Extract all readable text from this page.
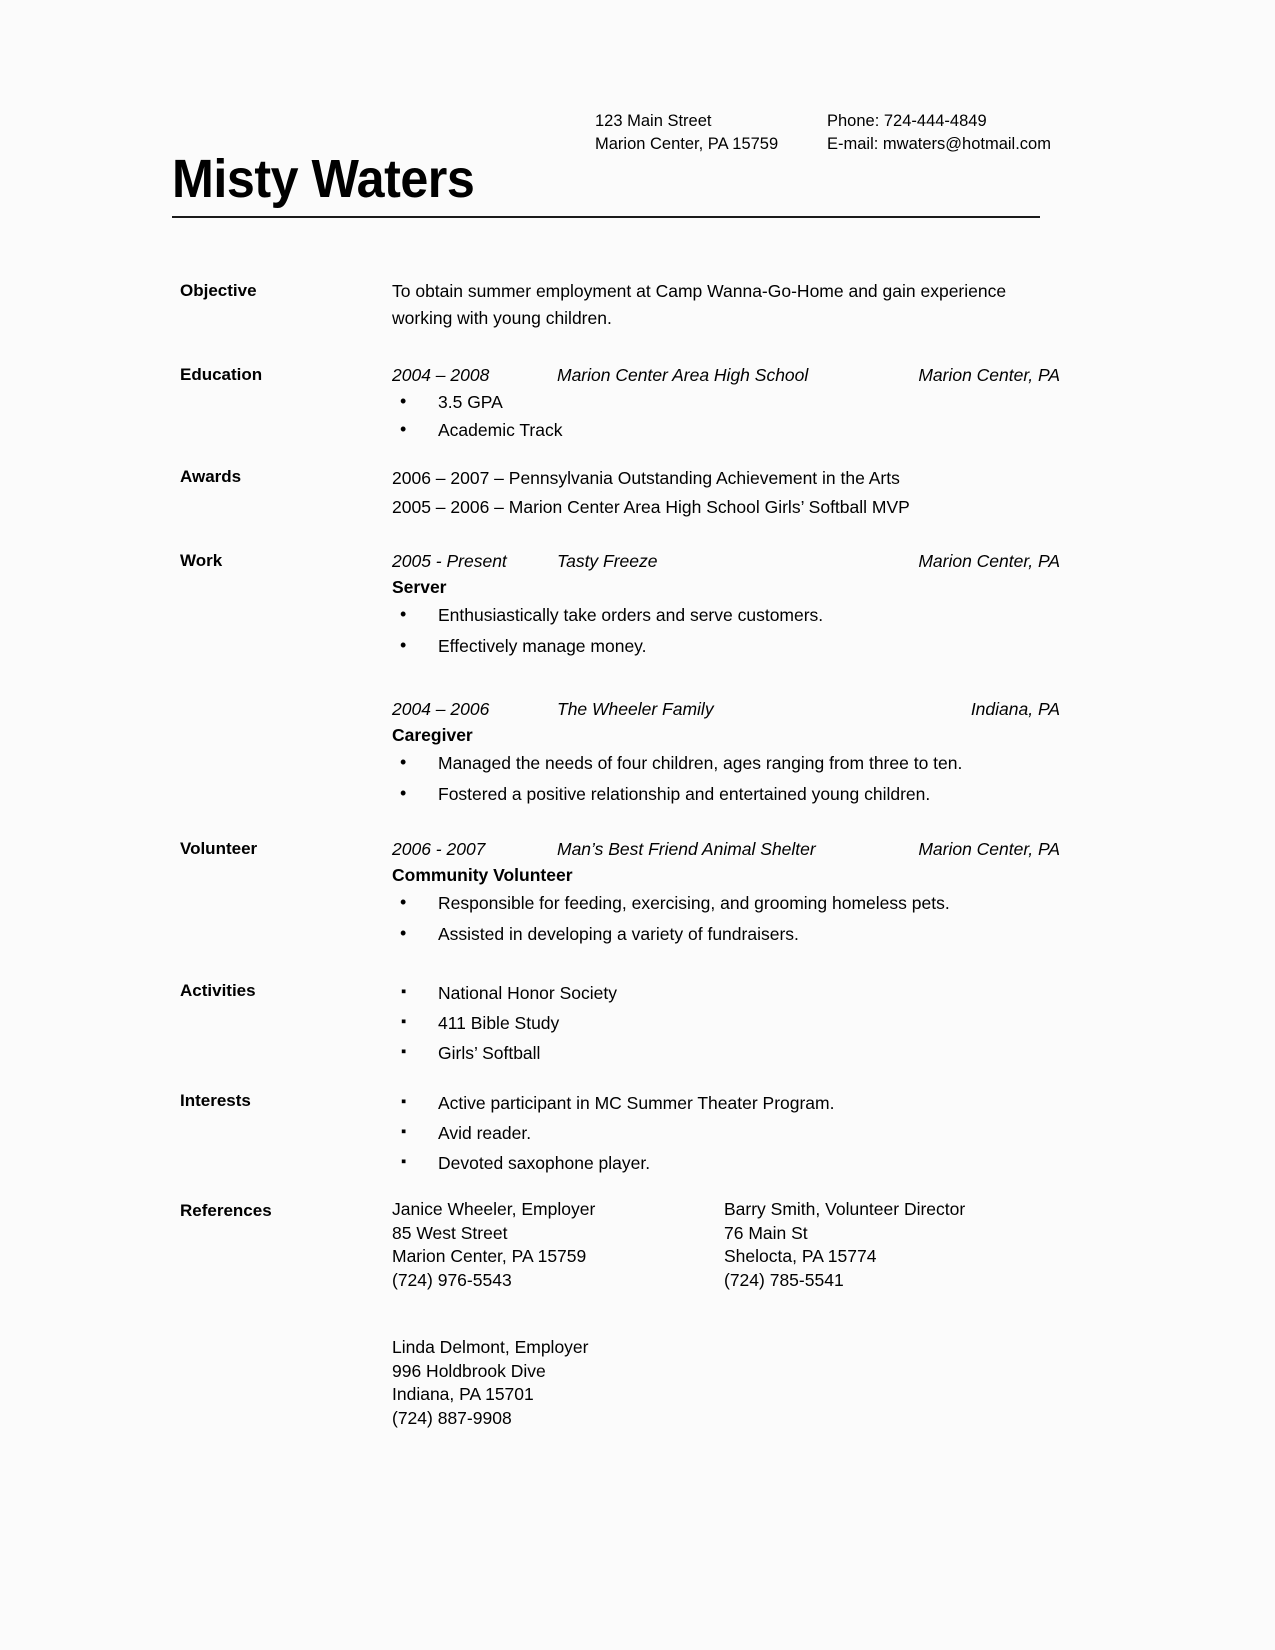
123 Main Street	Phone: 724-444-4849
Marion Center, PA 15759	E-mail: mwaters@hotmail.com
Misty Waters
Objective	To obtain summer employment at Camp Wanna-Go-Home and gain experience working with young children.
Education	2004 – 2008	Marion Center Area High School	Marion Center, PA
• 3.5 GPA
• Academic Track
Awards	2006 – 2007 – Pennsylvania Outstanding Achievement in the Arts
2005 – 2006 – Marion Center Area High School Girls’ Softball MVP
Work	2005 - Present	Tasty Freeze	Marion Center, PA
Server
• Enthusiastically take orders and serve customers.
• Effectively manage money.
2004 – 2006	The Wheeler Family	Indiana, PA
Caregiver
• Managed the needs of four children, ages ranging from three to ten.
• Fostered a positive relationship and entertained young children.
Volunteer	2006 - 2007	Man’s Best Friend Animal Shelter	Marion Center, PA
Community Volunteer
• Responsible for feeding, exercising, and grooming homeless pets.
• Assisted in developing a variety of fundraisers.
Activities	▪ National Honor Society
▪ 411 Bible Study
▪ Girls’ Softball
Interests	▪ Active participant in MC Summer Theater Program.
▪ Avid reader.
▪ Devoted saxophone player.
References	Janice Wheeler, Employer
85 West Street
Marion Center, PA 15759
(724) 976-5543
Linda Delmont, Employer
996 Holdbrook Dive
Indiana, PA 15701
(724) 887-9908
Barry Smith, Volunteer Director
76 Main St
Shelocta, PA 15774
(724) 785-5541
